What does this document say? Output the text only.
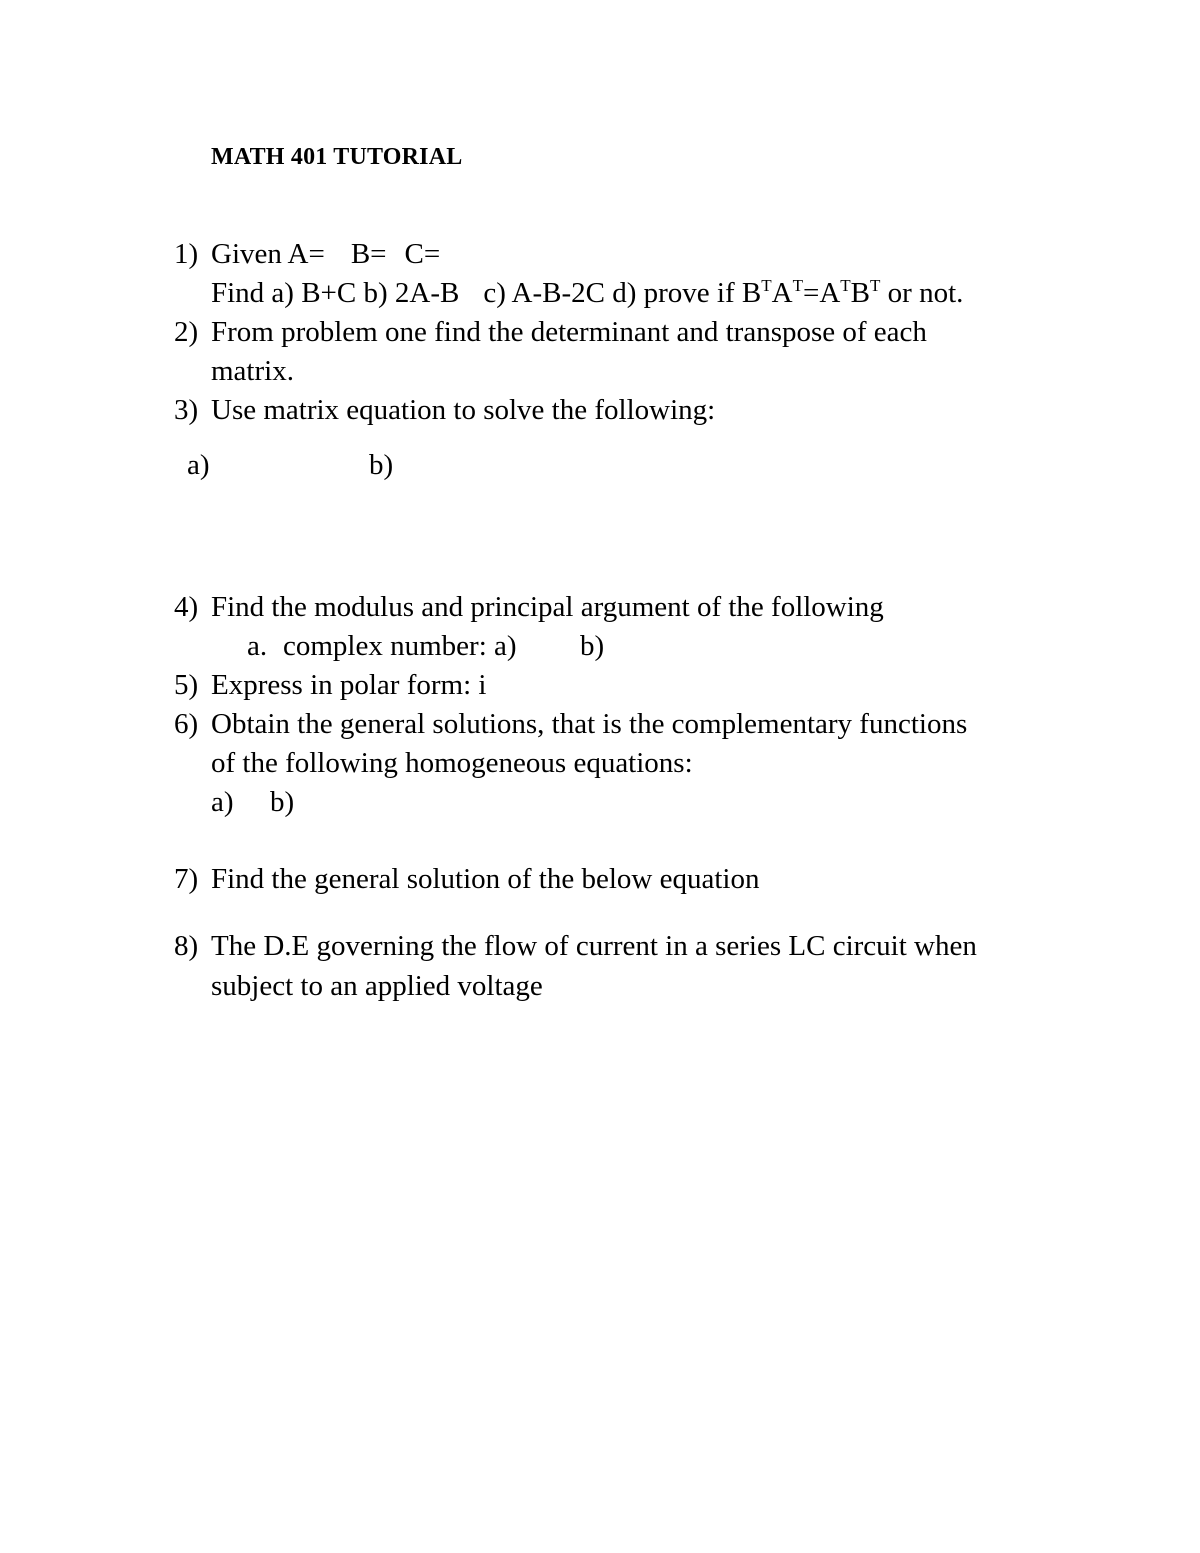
MATH 401 TUTORIAL
1) Given A= B= C=
Find a) B+C b) 2A-B c) A-B-2C d) prove if $B^TA^T=A^TB^T$ or not.
2) From problem one find the determinant and transpose of each
matrix.
3) Use matrix equation to solve the following:
a)	b)
4) Find the modulus and principal argument of the following
a. complex number: a) b)
5) Express in polar form: i
6) Obtain the general solutions, that is the complementary functions
of the following homogeneous equations:
a) b)
7) Find the general solution of the below equation
8) The D.E governing the flow of current in a series LC circuit when
subject to an applied voltage
